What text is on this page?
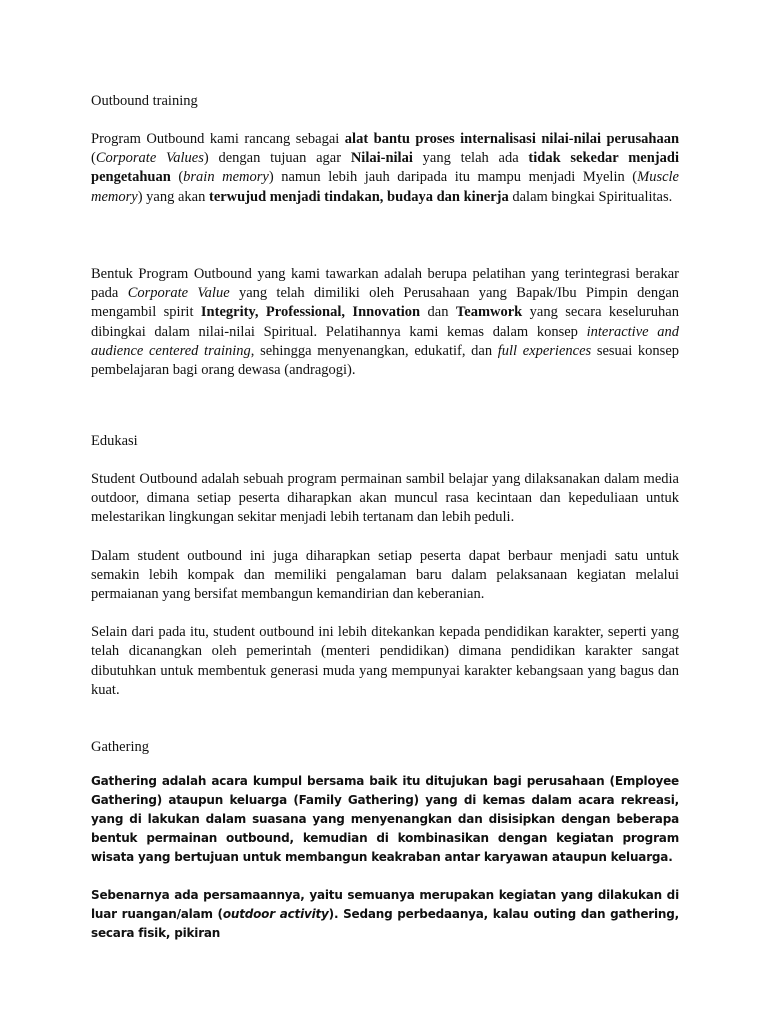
Outbound training

Program Outbound kami rancang sebagai alat bantu proses internalisasi nilai-nilai perusahaan (Corporate Values) dengan tujuan agar Nilai-nilai yang telah ada tidak sekedar menjadi pengetahuan (brain memory) namun lebih jauh daripada itu mampu menjadi Myelin (Muscle memory) yang akan terwujud menjadi tindakan, budaya dan kinerja dalam bingkai Spiritualitas.

Bentuk Program Outbound yang kami tawarkan adalah berupa pelatihan yang terintegrasi berakar pada Corporate Value yang telah dimiliki oleh Perusahaan yang Bapak/Ibu Pimpin dengan mengambil spirit Integrity, Professional, Innovation dan Teamwork yang secara keseluruhan dibingkai dalam nilai-nilai Spiritual. Pelatihannya kami kemas dalam konsep interactive and audience centered training, sehingga menyenangkan, edukatif, dan full experiences sesuai konsep pembelajaran bagi orang dewasa (andragogi).

Edukasi

Student Outbound adalah sebuah program permainan sambil belajar yang dilaksanakan dalam media outdoor, dimana setiap peserta diharapkan akan muncul rasa kecintaan dan kepeduliaan untuk melestarikan lingkungan sekitar menjadi lebih tertanam dan lebih peduli.

Dalam student outbound ini juga diharapkan setiap peserta dapat berbaur menjadi satu untuk semakin lebih kompak dan memiliki pengalaman baru dalam pelaksanaan kegiatan melalui permaianan yang bersifat membangun kemandirian dan keberanian.

Selain dari pada itu, student outbound ini lebih ditekankan kepada pendidikan karakter, seperti yang telah dicanangkan oleh pemerintah (menteri pendidikan) dimana pendidikan karakter sangat dibutuhkan untuk membentuk generasi muda yang mempunyai karakter kebangsaan yang bagus dan kuat.

Gathering

Gathering adalah acara kumpul bersama baik itu ditujukan bagi perusahaan (Employee Gathering) ataupun keluarga (Family Gathering) yang di kemas dalam acara rekreasi, yang di lakukan dalam suasana yang menyenangkan dan disisipkan dengan beberapa bentuk permainan outbound, kemudian di kombinasikan dengan kegiatan program wisata yang bertujuan untuk membangun keakraban antar karyawan ataupun keluarga.

Sebenarnya ada persamaannya, yaitu semuanya merupakan kegiatan yang dilakukan di luar ruangan/alam (outdoor activity). Sedang perbedaanya, kalau outing dan gathering, secara fisik, pikiran
